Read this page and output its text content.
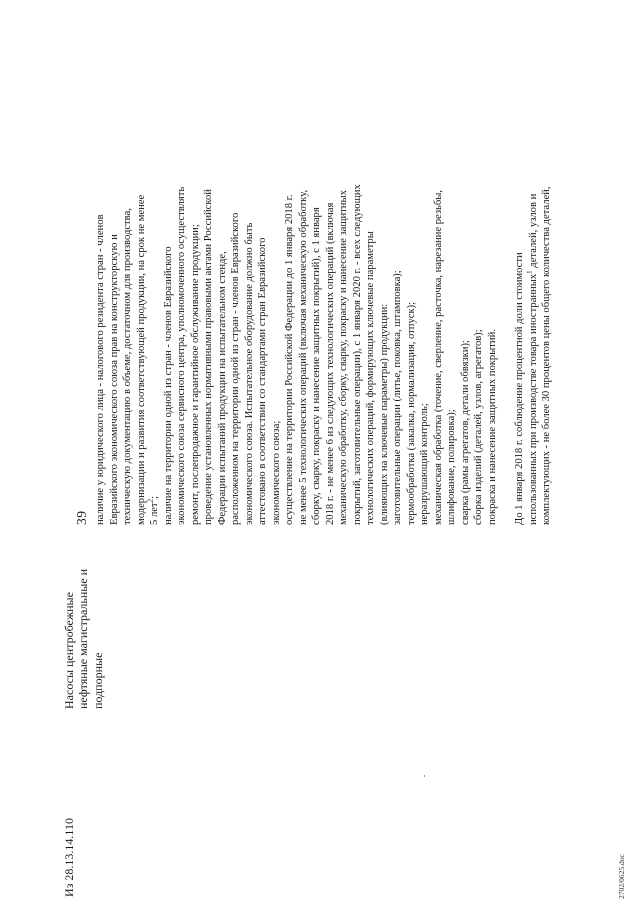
39
Из 28.13.14.110
Насосы центробежные нефтяные магистральные и подпорные
наличие у юридического лица - налогового резидента стран - членов Евразийского экономического союза прав на конструкторскую и техническую документацию в объеме, достаточном для производства, модернизации и развития соответствующей продукции, на срок не менее 5 лет$^2$; наличие на территории одной из стран - членов Евразийского экономического союза сервисного центра, уполномоченного осуществлять ремонт, послепродажное и гарантийное обслуживание продукции; проведение установленных нормативными правовыми актами Российской Федерации испытаний продукции на испытательном стенде, расположенном на территории одной из стран - членов Евразийского экономического союза. Испытательное оборудование должно быть аттестовано в соответствии со стандартами стран Евразийского экономического союза; осуществление на территории Российской Федерации до 1 января 2018 г. не менее 5 технологических операций (включая механическую обработку, сборку, сварку, покраску и нанесение защитных покрытий), с 1 января 2018 г. - не менее 6 из следующих технологических операций (включая механическую обработку, сборку, сварку, покраску и нанесение защитных покрытий, заготовительные операции), с 1 января 2020 г. - всех следующих технологических операций, формирующих ключевые параметры (влияющих на ключевые параметры) продукции: заготовительные операции (литье, поковка, штамповка); термообработка (закалка, нормализация, отпуск); неразрушающий контроль; механическая обработка (точение, сверление, расточка, нарезание резьбы, шлифование, полировка); сварка (рамы агрегатов, детали обвязки); сборка изделий (деталей, узлов, агрегатов); покраска и нанесение защитных покрытий. До 1 января 2018 г. соблюдение процентной доли стоимости использованных при производстве товара иностранных$^1$ деталей, узлов и комплектующих - не более 30 процентов цены общего количества деталей,
2702/0625.doc
